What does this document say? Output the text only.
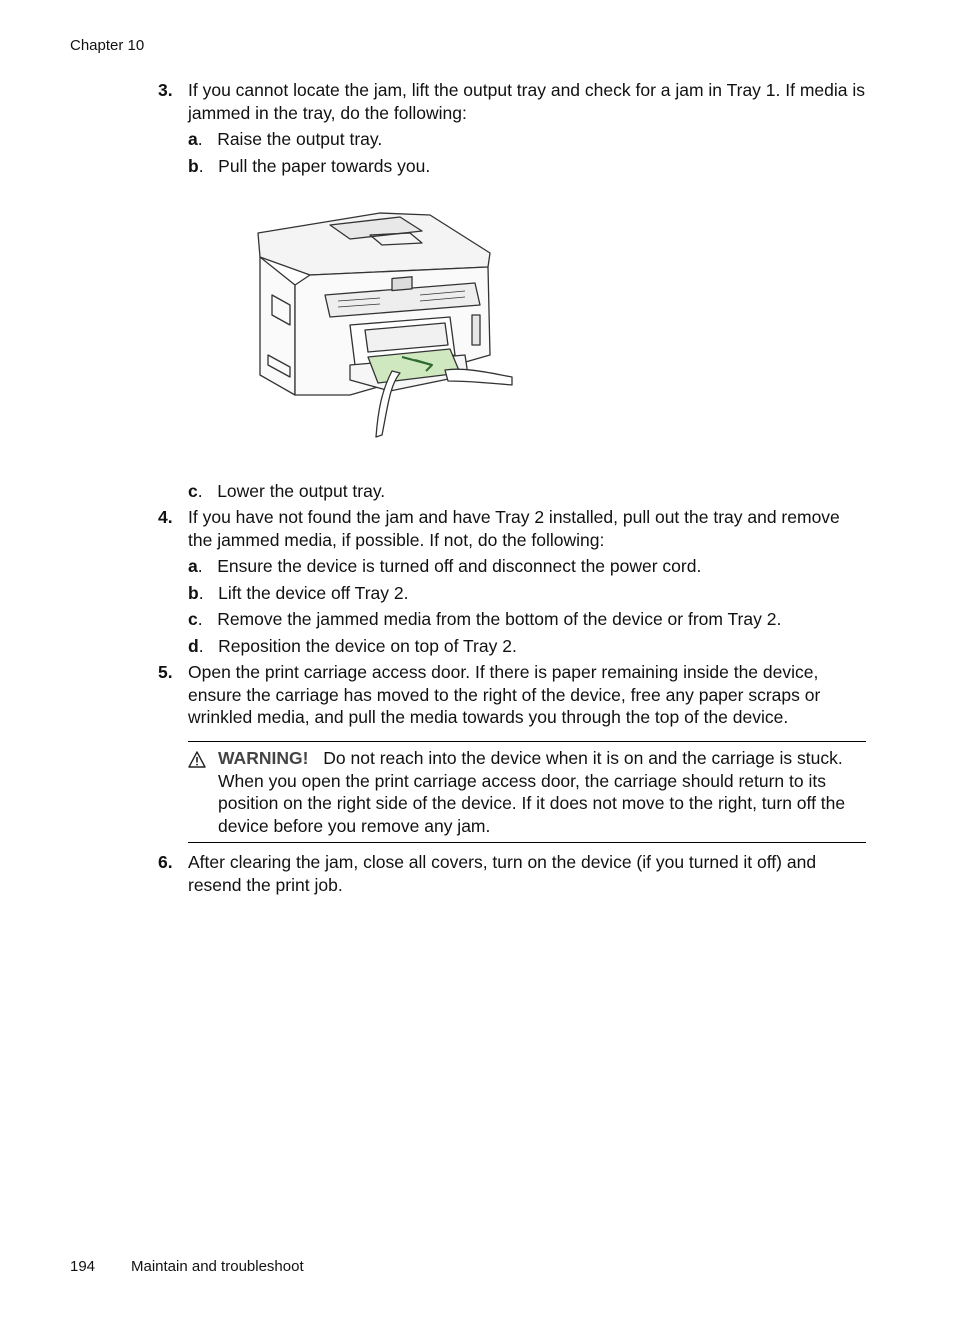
Chapter 10
3. If you cannot locate the jam, lift the output tray and check for a jam in Tray 1. If media is jammed in the tray, do the following:
a.   Raise the output tray.
b.   Pull the paper towards you.
c.   Lower the output tray.
4. If you have not found the jam and have Tray 2 installed, pull out the tray and remove the jammed media, if possible. If not, do the following:
a.   Ensure the device is turned off and disconnect the power cord.
b.   Lift the device off Tray 2.
c.   Remove the jammed media from the bottom of the device or from Tray 2.
d.   Reposition the device on top of Tray 2.
5. Open the print carriage access door. If there is paper remaining inside the device, ensure the carriage has moved to the right of the device, free any paper scraps or wrinkled media, and pull the media towards you through the top of the device.
WARNING! Do not reach into the device when it is on and the carriage is stuck. When you open the print carriage access door, the carriage should return to its position on the right side of the device. If it does not move to the right, turn off the device before you remove any jam.
6. After clearing the jam, close all covers, turn on the device (if you turned it off) and resend the print job.
194 Maintain and troubleshoot
